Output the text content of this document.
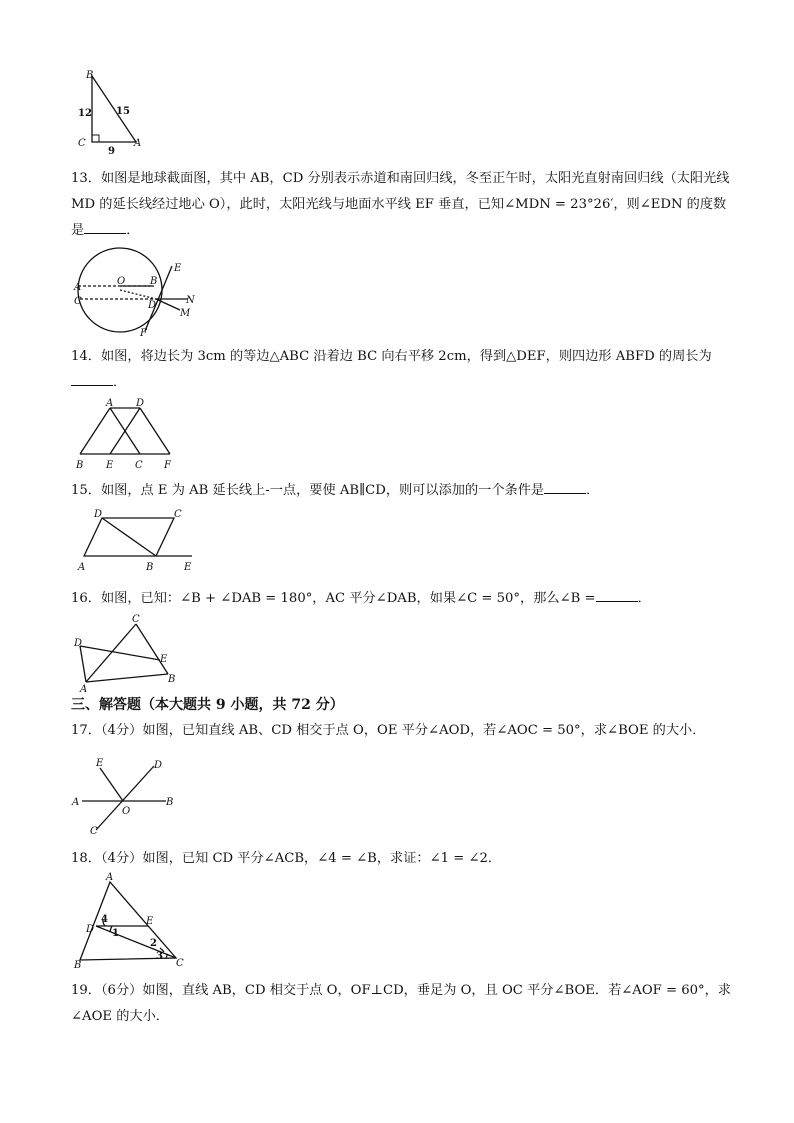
B
C	A
12 15
9

13．如图是地球截面图，其中 AB，CD 分别表示赤道和南回归线，冬至正午时，太阳光直射南回归线（太阳光线 MD 的延长线经过地心 O），此时，太阳光线与地面水平线 EF 垂直，已知∠MDN = 23°26′，则∠EDN 的度数是	．

O B
E
A
C	D	N
M
F

14．如图，将边长为 3cm 的等边△ABC 沿着边 BC 向右平移 2cm，得到△DEF，则四边形 ABFD 的周长为．

A D
B E C F

15．如图，点 E 为 AB 延长线上-一点，要使 AB∥CD，则可以添加的一个条件是	．

D	C
A	B	E

16．如图，已知：∠B + ∠DAB = 180°，AC 平分∠DAB，如果∠C = 50°，那么∠B =	．

C
D
E
A
B

三、解答题（本大题共 9 小题，共 72 分）

17．（4分）如图，已知直线 AB、CD 相交于点 O，OE 平分∠AOD，若∠AOC = 50°，求∠BOE 的大小．

E	D
A	B
O
C

18．（4分）如图，已知 CD 平分∠ACB，∠4 = ∠B，求证：∠1 = ∠2．

A
D
E
B	C
4
1
2
3

19．（6分）如图，直线 AB，CD 相交于点 O，OF⊥CD，垂足为 O，且 OC 平分∠BOE．若∠AOF = 60°，求∠AOE 的大小．
